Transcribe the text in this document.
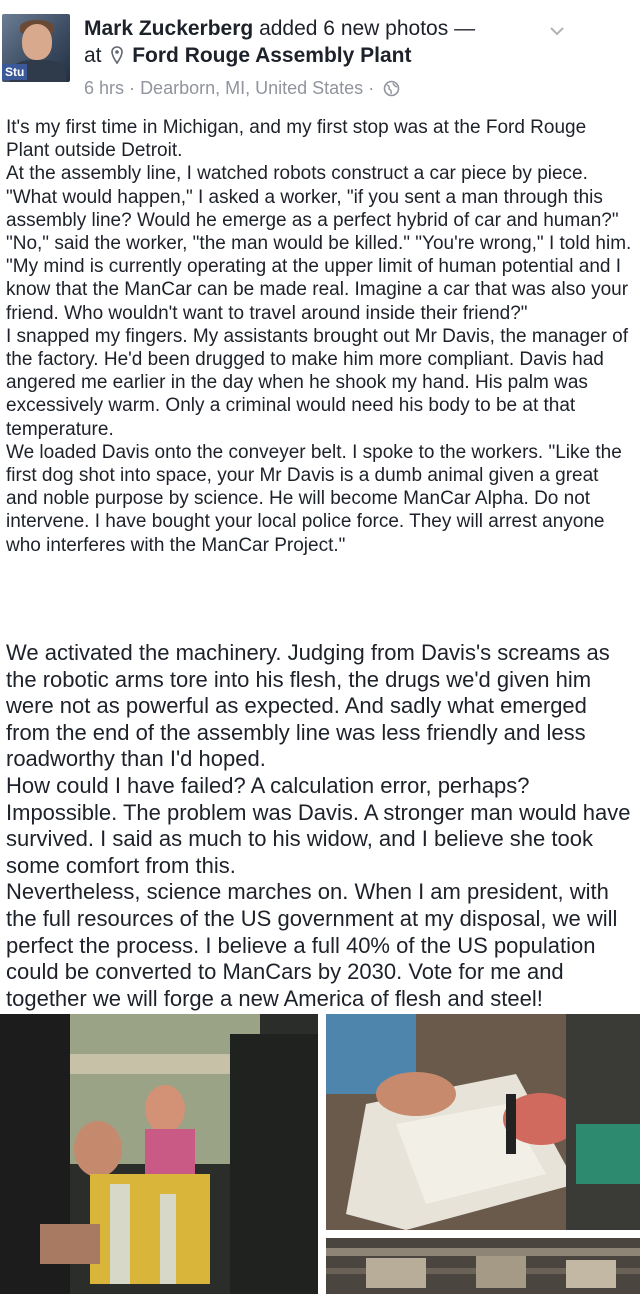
Stu
Mark Zuckerberg added 6 new photos —
at Ford Rouge Assembly Plant
6 hrs · Dearborn, MI, United States ·

It's my first time in Michigan, and my first stop was at the Ford Rouge Plant outside Detroit.

At the assembly line, I watched robots construct a car piece by piece. "What would happen," I asked a worker, "if you sent a man through this assembly line? Would he emerge as a perfect hybrid of car and human?"

"No," said the worker, "the man would be killed." "You're wrong," I told him. "My mind is currently operating at the upper limit of human potential and I know that the ManCar can be made real. Imagine a car that was also your friend. Who wouldn't want to travel around inside their friend?"

I snapped my fingers. My assistants brought out Mr Davis, the manager of the factory. He'd been drugged to make him more compliant. Davis had angered me earlier in the day when he shook my hand. His palm was excessively warm. Only a criminal would need his body to be at that temperature.

We loaded Davis onto the conveyer belt. I spoke to the workers. "Like the first dog shot into space, your Mr Davis is a dumb animal given a great and noble purpose by science. He will become ManCar Alpha. Do not intervene. I have bought your local police force. They will arrest anyone who interferes with the ManCar Project."

We activated the machinery. Judging from Davis's screams as the robotic arms tore into his flesh, the drugs we'd given him were not as powerful as expected. And sadly what emerged from the end of the assembly line was less friendly and less roadworthy than I'd hoped.

How could I have failed? A calculation error, perhaps? Impossible. The problem was Davis. A stronger man would have survived. I said as much to his widow, and I believe she took some comfort from this.

Nevertheless, science marches on. When I am president, with the full resources of the US government at my disposal, we will perfect the process. I believe a full 40% of the US population could be converted to ManCars by 2030. Vote for me and together we will forge a new America of flesh and steel!
